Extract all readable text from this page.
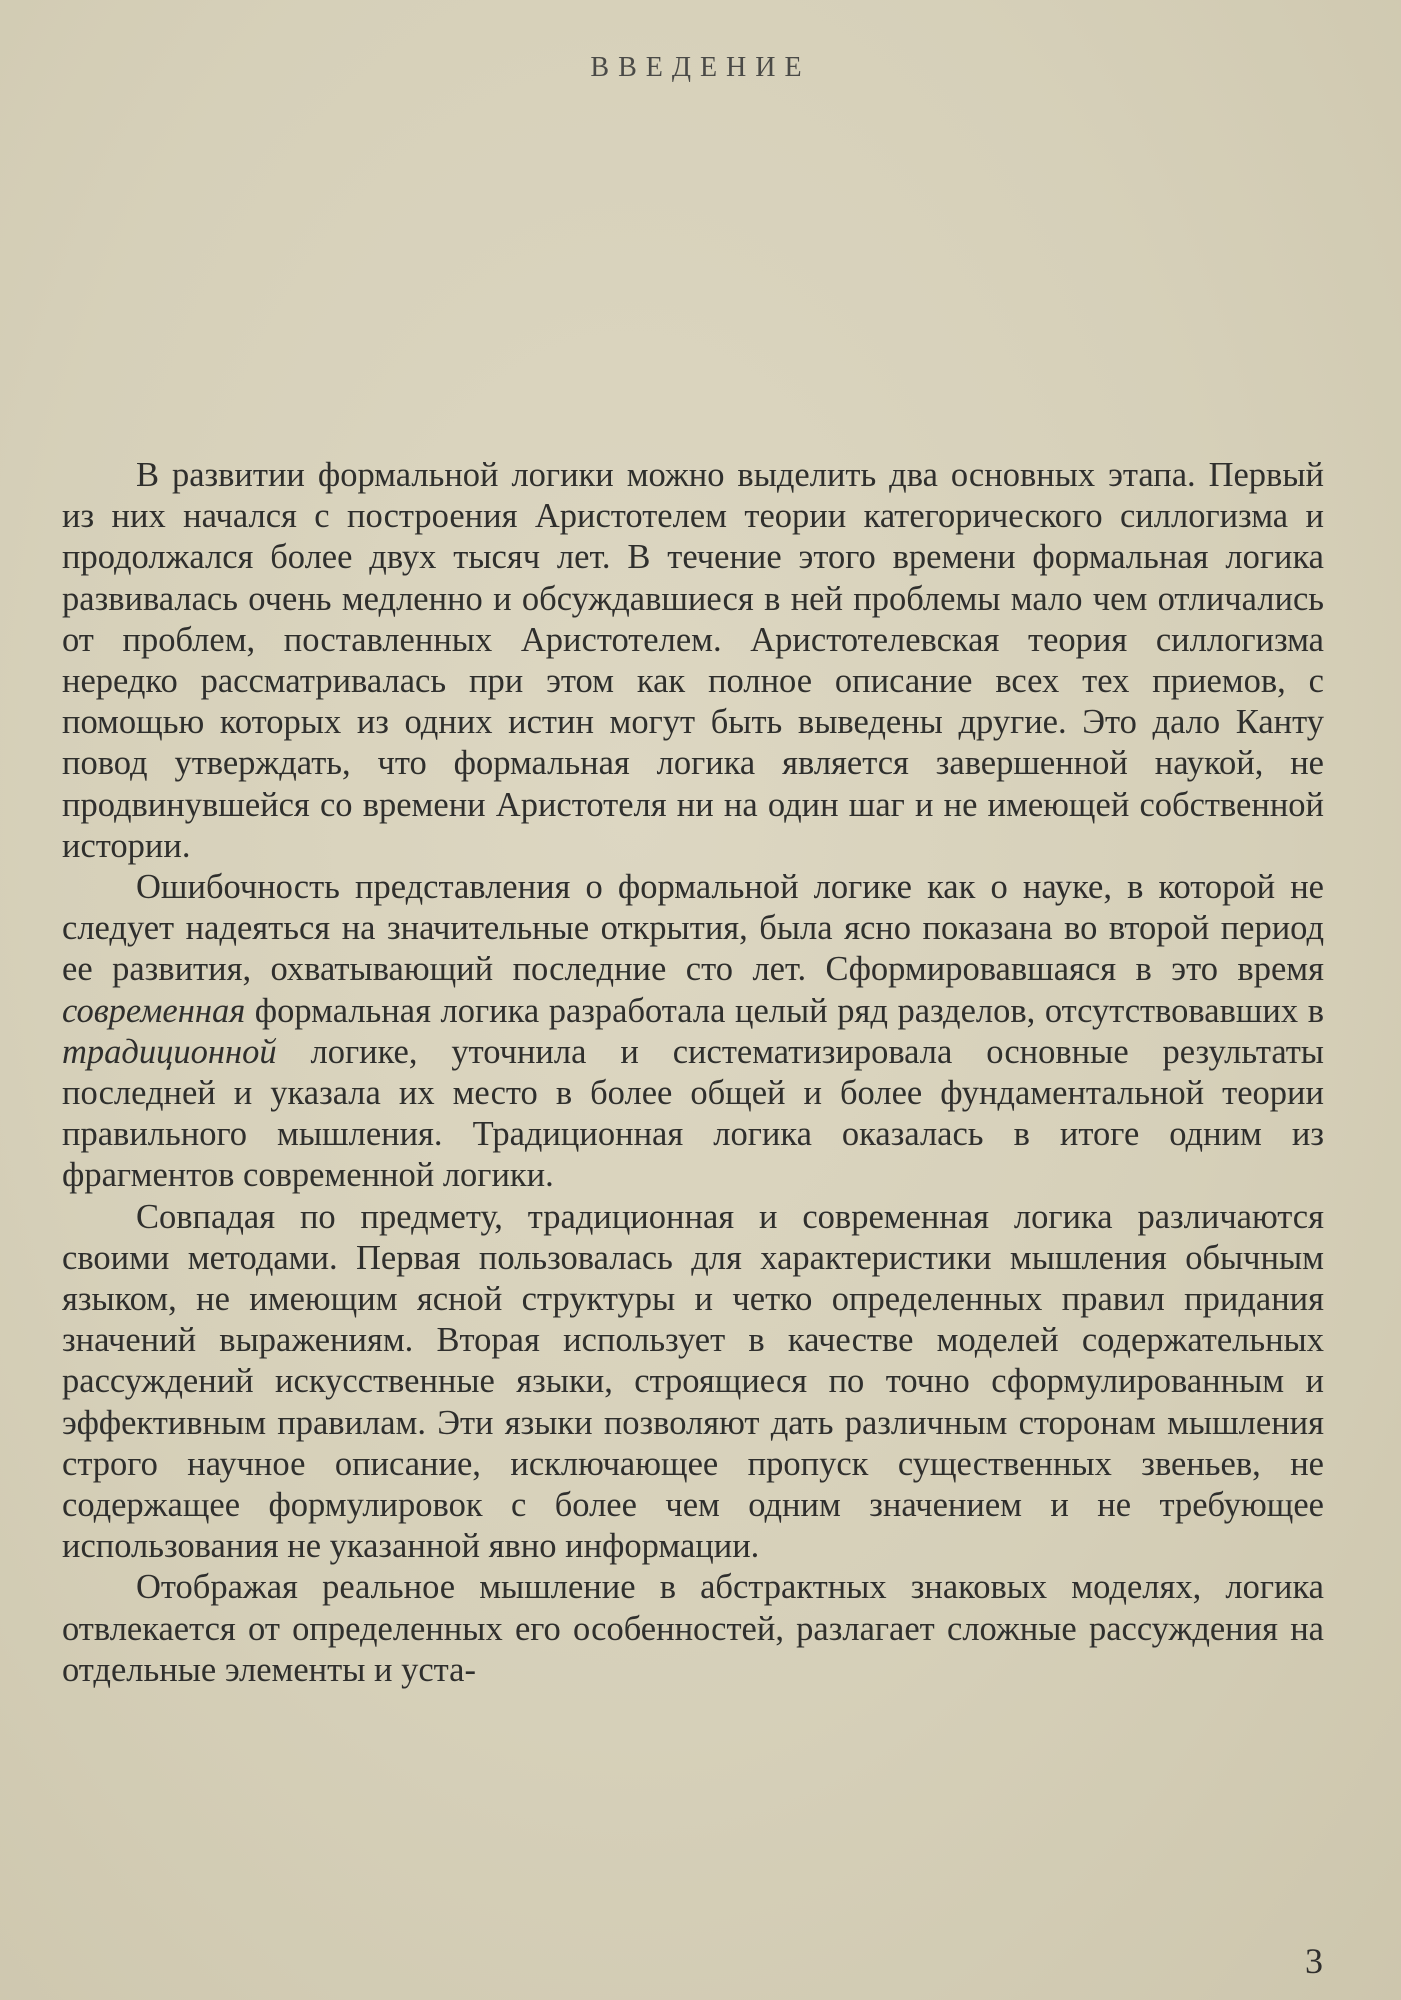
ВВЕДЕНИЕ

В развитии формальной логики можно выделить два основных этапа. Первый из них начался с построения Аристотелем теории категорического силлогизма и продолжался более двух тысяч лет. В течение этого времени формальная логика развивалась очень медленно и обсуждавшиеся в ней проблемы мало чем отличались от проблем, поставленных Аристотелем. Аристотелевская теория силлогизма нередко рассматривалась при этом как полное описание всех тех приемов, с помощью которых из одних истин могут быть выведены другие. Это дало Канту повод утверждать, что формальная логика является завершенной наукой, не продвинувшейся со времени Аристотеля ни на один шаг и не имеющей собственной истории.

Ошибочность представления о формальной логике как о науке, в которой не следует надеяться на значительные открытия, была ясно показана во второй период ее развития, охватывающий последние сто лет. Сформировавшаяся в это время современная формальная логика разработала целый ряд разделов, отсутствовавших в традиционной логике, уточнила и систематизировала основные результаты последней и указала их место в более общей и более фундаментальной теории правильного мышления. Традиционная логика оказалась в итоге одним из фрагментов современной логики.

Совпадая по предмету, традиционная и современная логика различаются своими методами. Первая пользовалась для характеристики мышления обычным языком, не имеющим ясной структуры и четко определенных правил придания значений выражениям. Вторая использует в качестве моделей содержательных рассуждений искусственные языки, строящиеся по точно сформулированным и эффективным правилам. Эти языки позволяют дать различным сторонам мышления строго научное описание, исключающее пропуск существенных звеньев, не содержащее формулировок с более чем одним значением и не требующее использования не указанной явно информации.

Отображая реальное мышление в абстрактных знаковых моделях, логика отвлекается от определенных его особенностей, разлагает сложные рассуждения на отдельные элементы и уста-

3
